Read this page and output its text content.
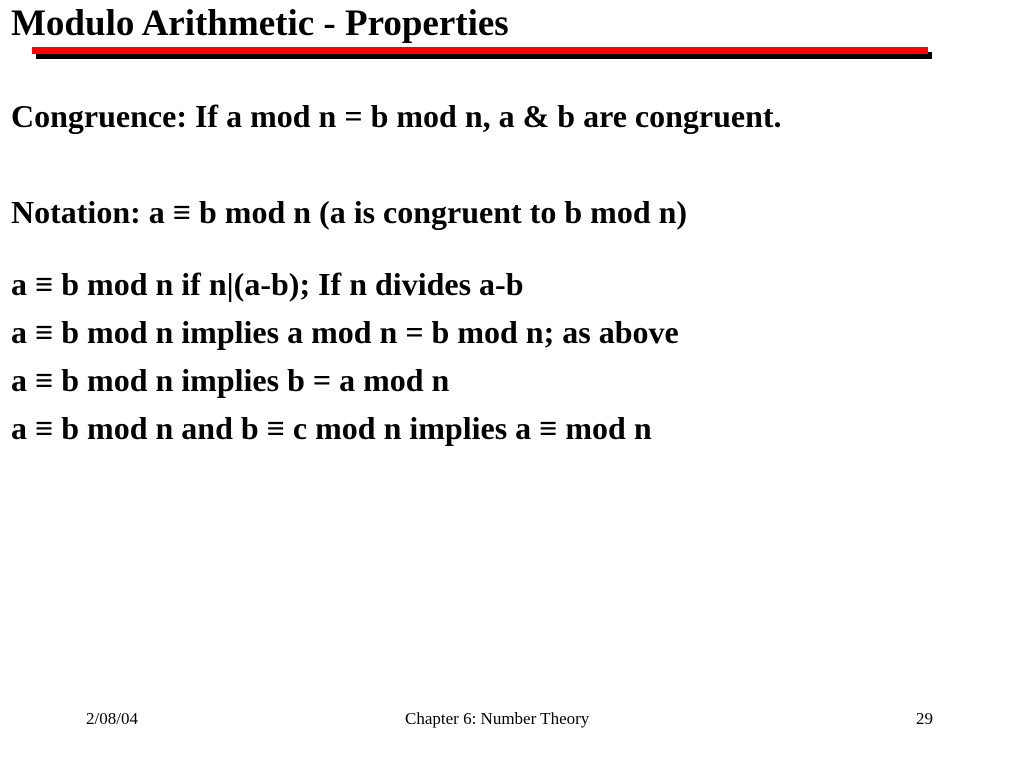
Modulo Arithmetic - Properties
Congruence: If a mod n = b mod n, a & b are congruent.
Notation: a ≡ b mod n (a is congruent to b mod n)
a ≡ b mod n if n|(a-b); If n divides a-b
a ≡ b mod n implies a mod n = b mod n; as above
a ≡ b mod n implies b = a mod n
a ≡ b mod n and b ≡ c mod n implies a ≡ mod n
2/08/04	Chapter 6: Number Theory	29
